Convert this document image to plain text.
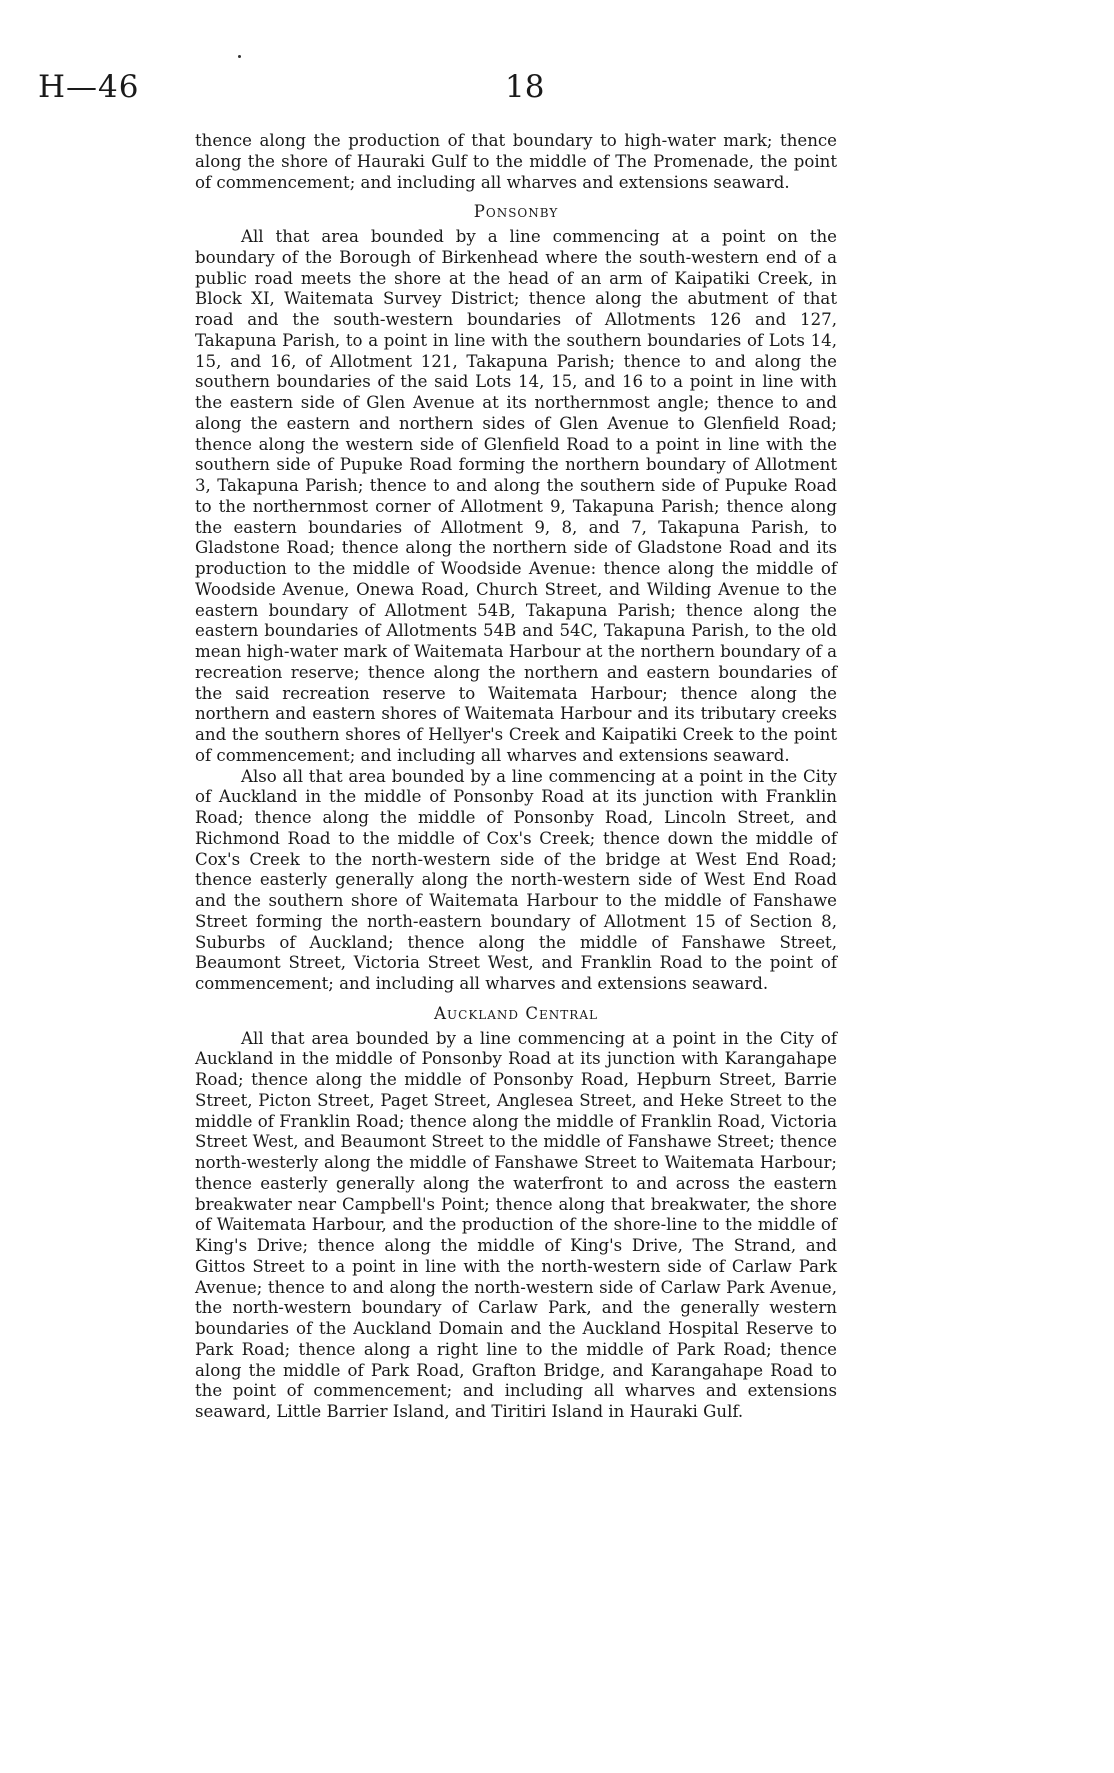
H—46	18

thence along the production of that boundary to high-water mark; thence along the shore of Hauraki Gulf to the middle of The Promenade, the point of commencement; and including all wharves and extensions seaward.

Ponsonby

All that area bounded by a line commencing at a point on the boundary of the Borough of Birkenhead where the south-western end of a public road meets the shore at the head of an arm of Kaipatiki Creek, in Block XI, Waitemata Survey District; thence along the abutment of that road and the south-western boundaries of Allotments 126 and 127, Takapuna Parish, to a point in line with the southern boundaries of Lots 14, 15, and 16, of Allotment 121, Takapuna Parish; thence to and along the southern boundaries of the said Lots 14, 15, and 16 to a point in line with the eastern side of Glen Avenue at its northernmost angle; thence to and along the eastern and northern sides of Glen Avenue to Glenfield Road; thence along the western side of Glenfield Road to a point in line with the southern side of Pupuke Road forming the northern boundary of Allotment 3, Takapuna Parish; thence to and along the southern side of Pupuke Road to the northernmost corner of Allotment 9, Takapuna Parish; thence along the eastern boundaries of Allotment 9, 8, and 7, Takapuna Parish, to Gladstone Road; thence along the northern side of Gladstone Road and its production to the middle of Woodside Avenue: thence along the middle of Woodside Avenue, Onewa Road, Church Street, and Wilding Avenue to the eastern boundary of Allotment 54B, Takapuna Parish; thence along the eastern boundaries of Allotments 54B and 54C, Takapuna Parish, to the old mean high-water mark of Waitemata Harbour at the northern boundary of a recreation reserve; thence along the northern and eastern boundaries of the said recreation reserve to Waitemata Harbour; thence along the northern and eastern shores of Waitemata Harbour and its tributary creeks and the southern shores of Hellyer's Creek and Kaipatiki Creek to the point of commencement; and including all wharves and extensions seaward.

Also all that area bounded by a line commencing at a point in the City of Auckland in the middle of Ponsonby Road at its junction with Franklin Road; thence along the middle of Ponsonby Road, Lincoln Street, and Richmond Road to the middle of Cox's Creek; thence down the middle of Cox's Creek to the north-western side of the bridge at West End Road; thence easterly generally along the north-western side of West End Road and the southern shore of Waitemata Harbour to the middle of Fanshawe Street forming the north-eastern boundary of Allotment 15 of Section 8, Suburbs of Auckland; thence along the middle of Fanshawe Street, Beaumont Street, Victoria Street West, and Franklin Road to the point of commencement; and including all wharves and extensions seaward.

Auckland Central

All that area bounded by a line commencing at a point in the City of Auckland in the middle of Ponsonby Road at its junction with Karangahape Road; thence along the middle of Ponsonby Road, Hepburn Street, Barrie Street, Picton Street, Paget Street, Anglesea Street, and Heke Street to the middle of Franklin Road; thence along the middle of Franklin Road, Victoria Street West, and Beaumont Street to the middle of Fanshawe Street; thence north-westerly along the middle of Fanshawe Street to Waitemata Harbour; thence easterly generally along the waterfront to and across the eastern breakwater near Campbell's Point; thence along that breakwater, the shore of Waitemata Harbour, and the production of the shore-line to the middle of King's Drive; thence along the middle of King's Drive, The Strand, and Gittos Street to a point in line with the north-western side of Carlaw Park Avenue; thence to and along the north-western side of Carlaw Park Avenue, the north-western boundary of Carlaw Park, and the generally western boundaries of the Auckland Domain and the Auckland Hospital Reserve to Park Road; thence along a right line to the middle of Park Road; thence along the middle of Park Road, Grafton Bridge, and Karangahape Road to the point of commencement; and including all wharves and extensions seaward, Little Barrier Island, and Tiritiri Island in Hauraki Gulf.
